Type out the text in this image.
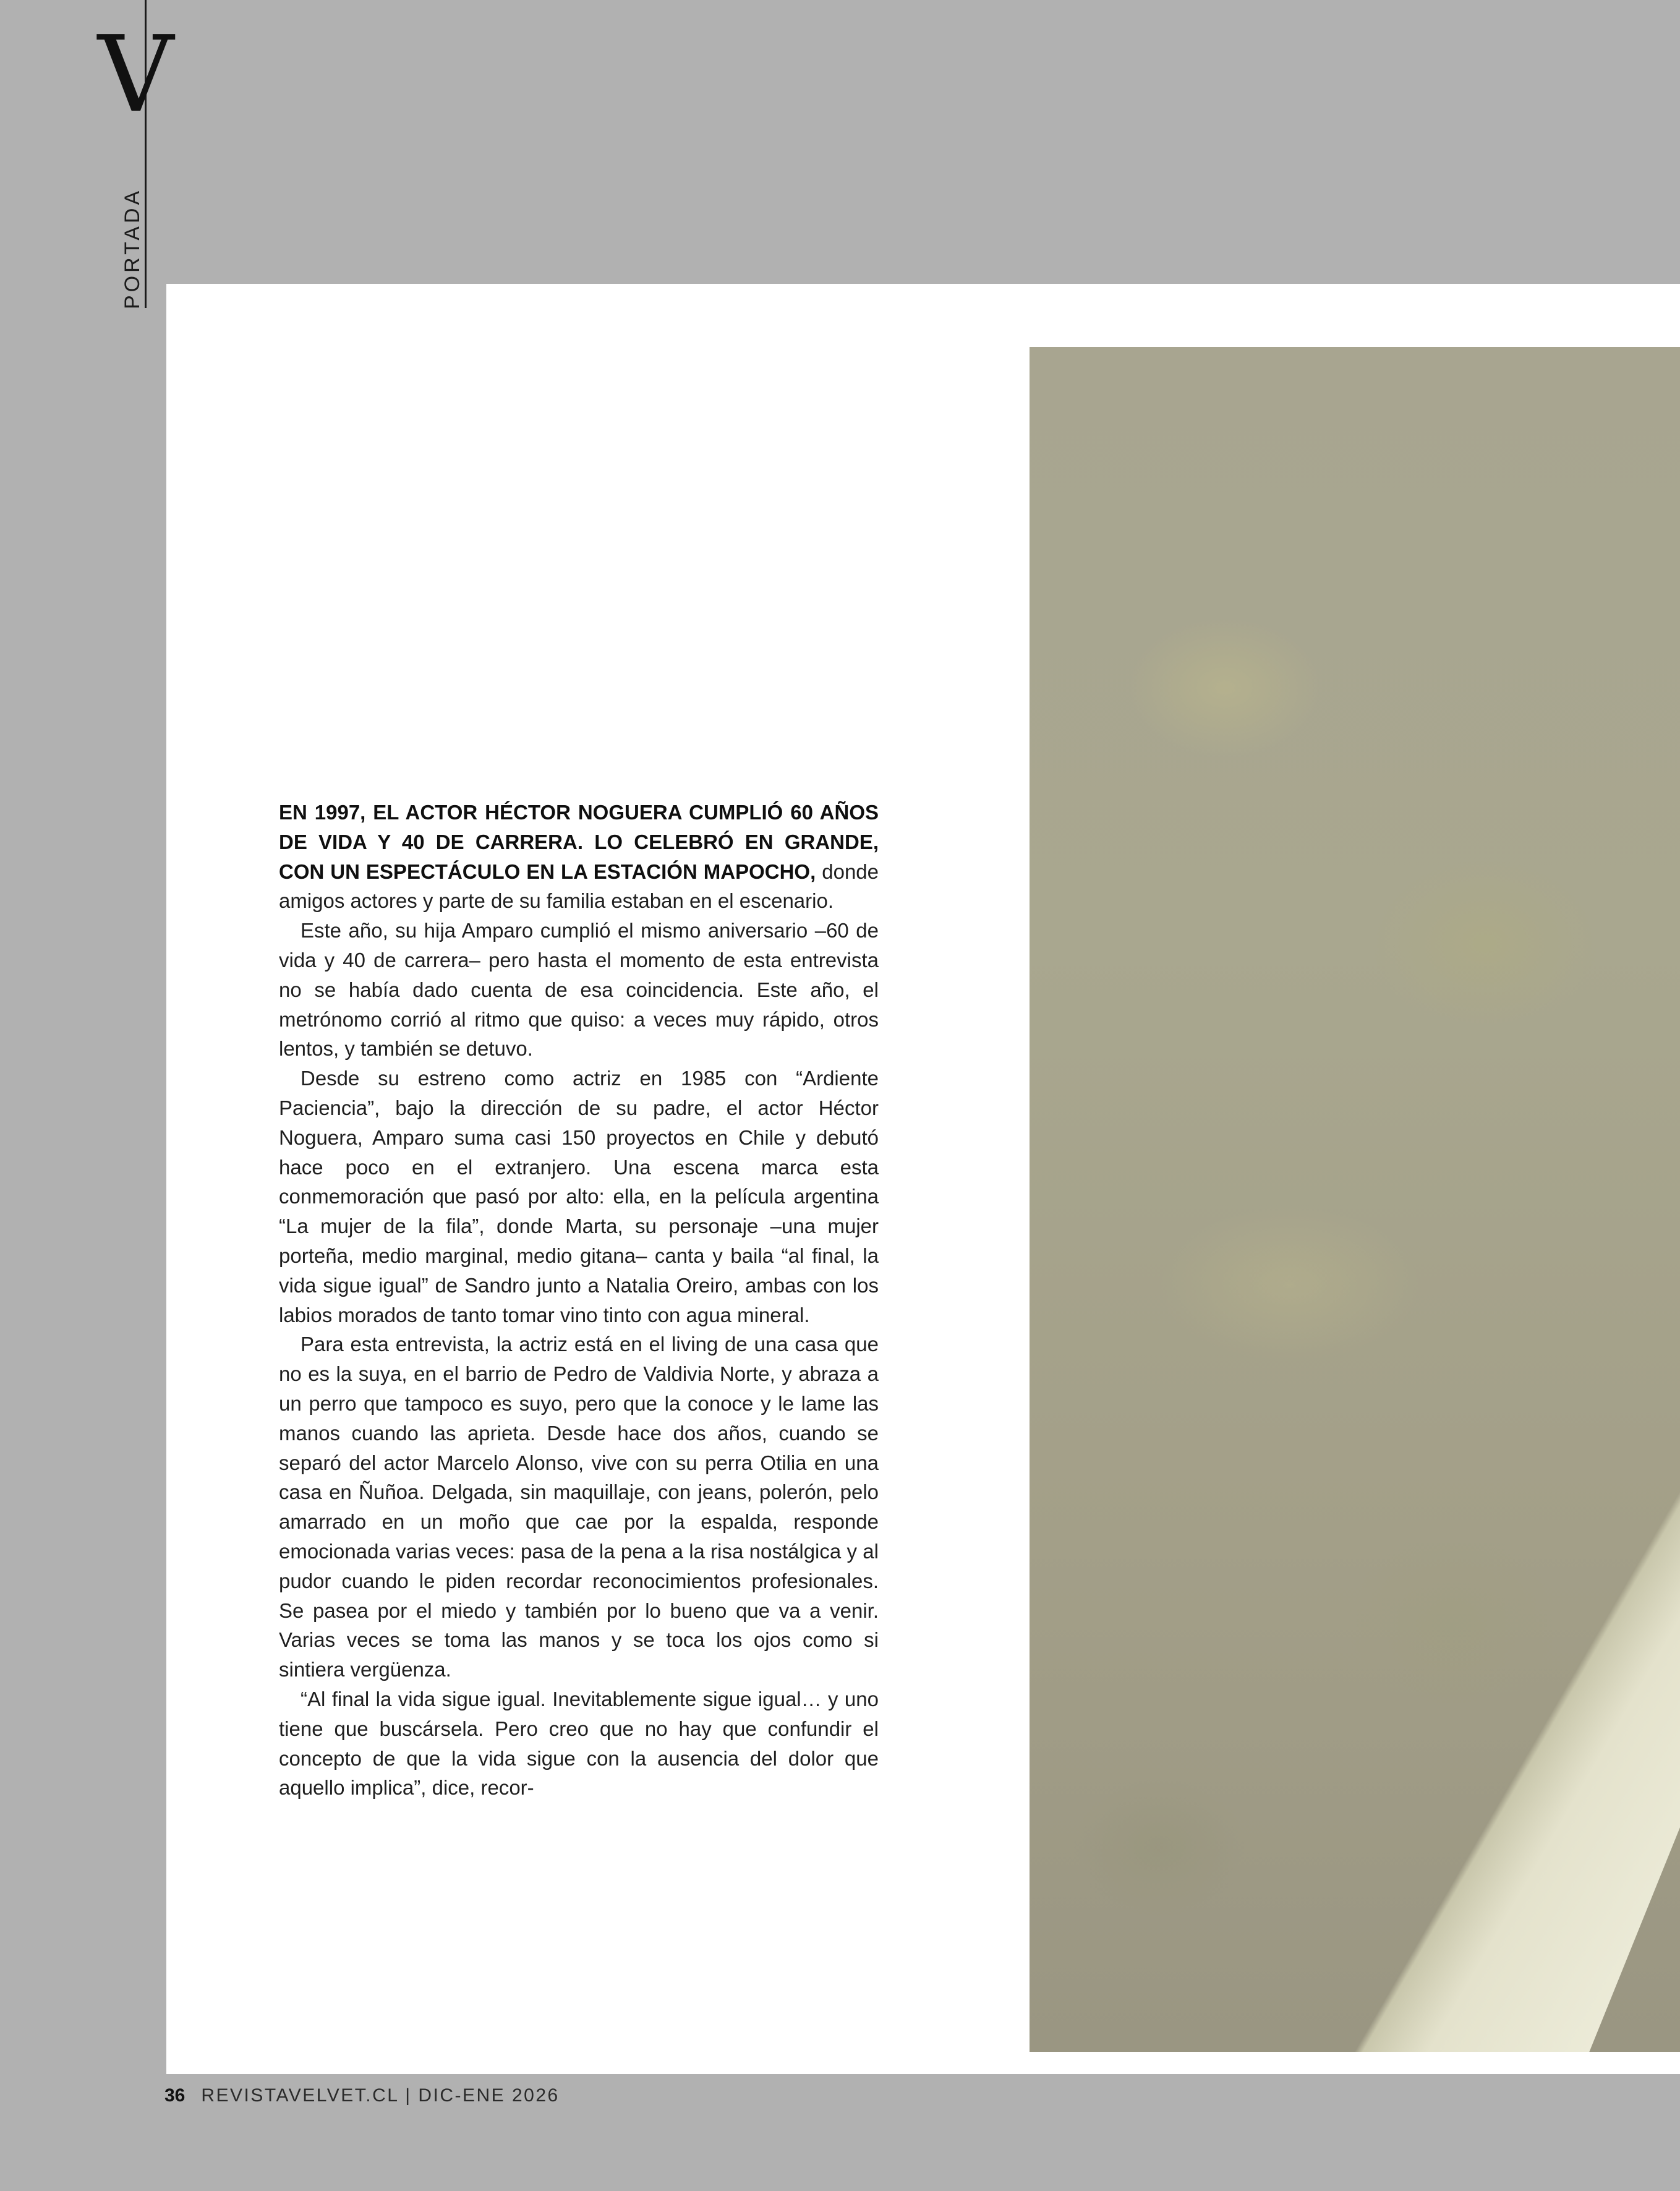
V
PORTADA

EN 1997, EL ACTOR HÉCTOR NOGUERA CUMPLIÓ 60 AÑOS DE VIDA Y 40 DE CARRERA. LO CELEBRÓ EN GRANDE, CON UN ESPECTÁCULO EN LA ESTACIÓN MAPOCHO, donde amigos actores y parte de su familia estaban en el escenario.

Este año, su hija Amparo cumplió el mismo aniversario –60 de vida y 40 de carrera– pero hasta el momento de esta entrevista no se había dado cuenta de esa coincidencia. Este año, el metrónomo corrió al ritmo que quiso: a veces muy rápido, otros lentos, y también se detuvo.

Desde su estreno como actriz en 1985 con “Ardiente Paciencia”, bajo la dirección de su padre, el actor Héctor Noguera, Amparo suma casi 150 proyectos en Chile y debutó hace poco en el extranjero. Una escena marca esta conmemoración que pasó por alto: ella, en la película argentina “La mujer de la fila”, donde Marta, su personaje –una mujer porteña, medio marginal, medio gitana– canta y baila “al final, la vida sigue igual” de Sandro junto a Natalia Oreiro, ambas con los labios morados de tanto tomar vino tinto con agua mineral.

Para esta entrevista, la actriz está en el living de una casa que no es la suya, en el barrio de Pedro de Valdivia Norte, y abraza a un perro que tampoco es suyo, pero que la conoce y le lame las manos cuando las aprieta. Desde hace dos años, cuando se separó del actor Marcelo Alonso, vive con su perra Otilia en una casa en Ñuñoa. Delgada, sin maquillaje, con jeans, polerón, pelo amarrado en un moño que cae por la espalda, responde emocionada varias veces: pasa de la pena a la risa nostálgica y al pudor cuando le piden recordar reconocimientos profesionales. Se pasea por el miedo y también por lo bueno que va a venir. Varias veces se toma las manos y se toca los ojos como si sintiera vergüenza.

“Al final la vida sigue igual. Inevitablemente sigue igual… y uno tiene que buscársela. Pero creo que no hay que confundir el concepto de que la vida sigue con la ausencia del dolor que aquello implica”, dice, recor-

36 REVISTAVELVET.CL | DIC-ENE 2026
